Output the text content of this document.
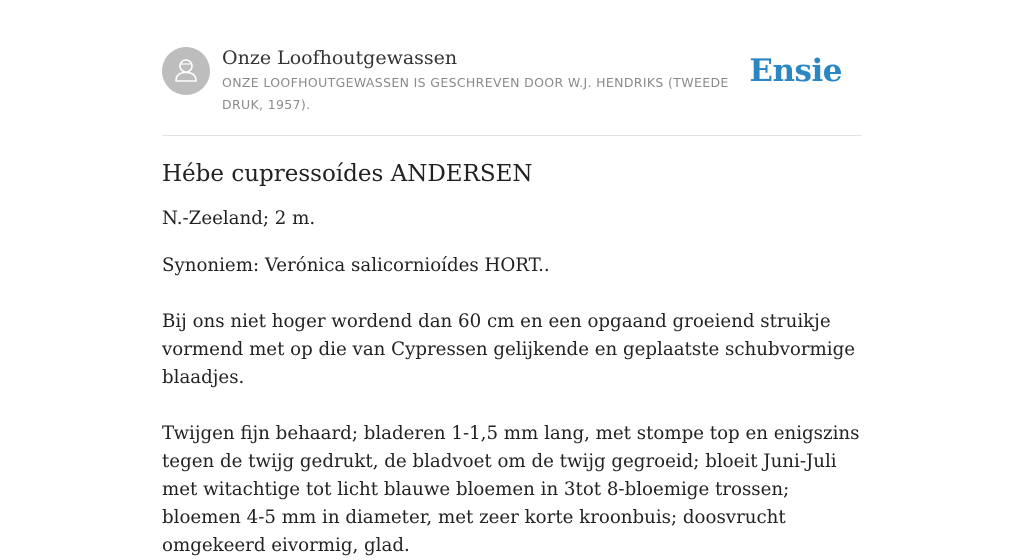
Onze Loofhoutgewassen
ONZE LOOFHOUTGEWASSEN IS GESCHREVEN DOOR W.J. HENDRIKS (TWEEDE DRUK, 1957).
Ensie
Hébe cupressoídes ANDERSEN

N.-Zeeland; 2 m.

Synoniem: Verónica salicornioídes HORT..

Bij ons niet hoger wordend dan 60 cm en een opgaand groeiend struikje vormend met op die van Cypressen gelijkende en geplaatste schubvormige blaadjes.

Twijgen fijn behaard; bladeren 1-1,5 mm lang, met stompe top en enigszins tegen de twijg gedrukt, de bladvoet om de twijg gegroeid; bloeit Juni-Juli met witachtige tot licht blauwe bloemen in 3tot 8-bloemige trossen; bloemen 4-5 mm in diameter, met zeer korte kroonbuis; doosvrucht omgekeerd eivormig, glad.
